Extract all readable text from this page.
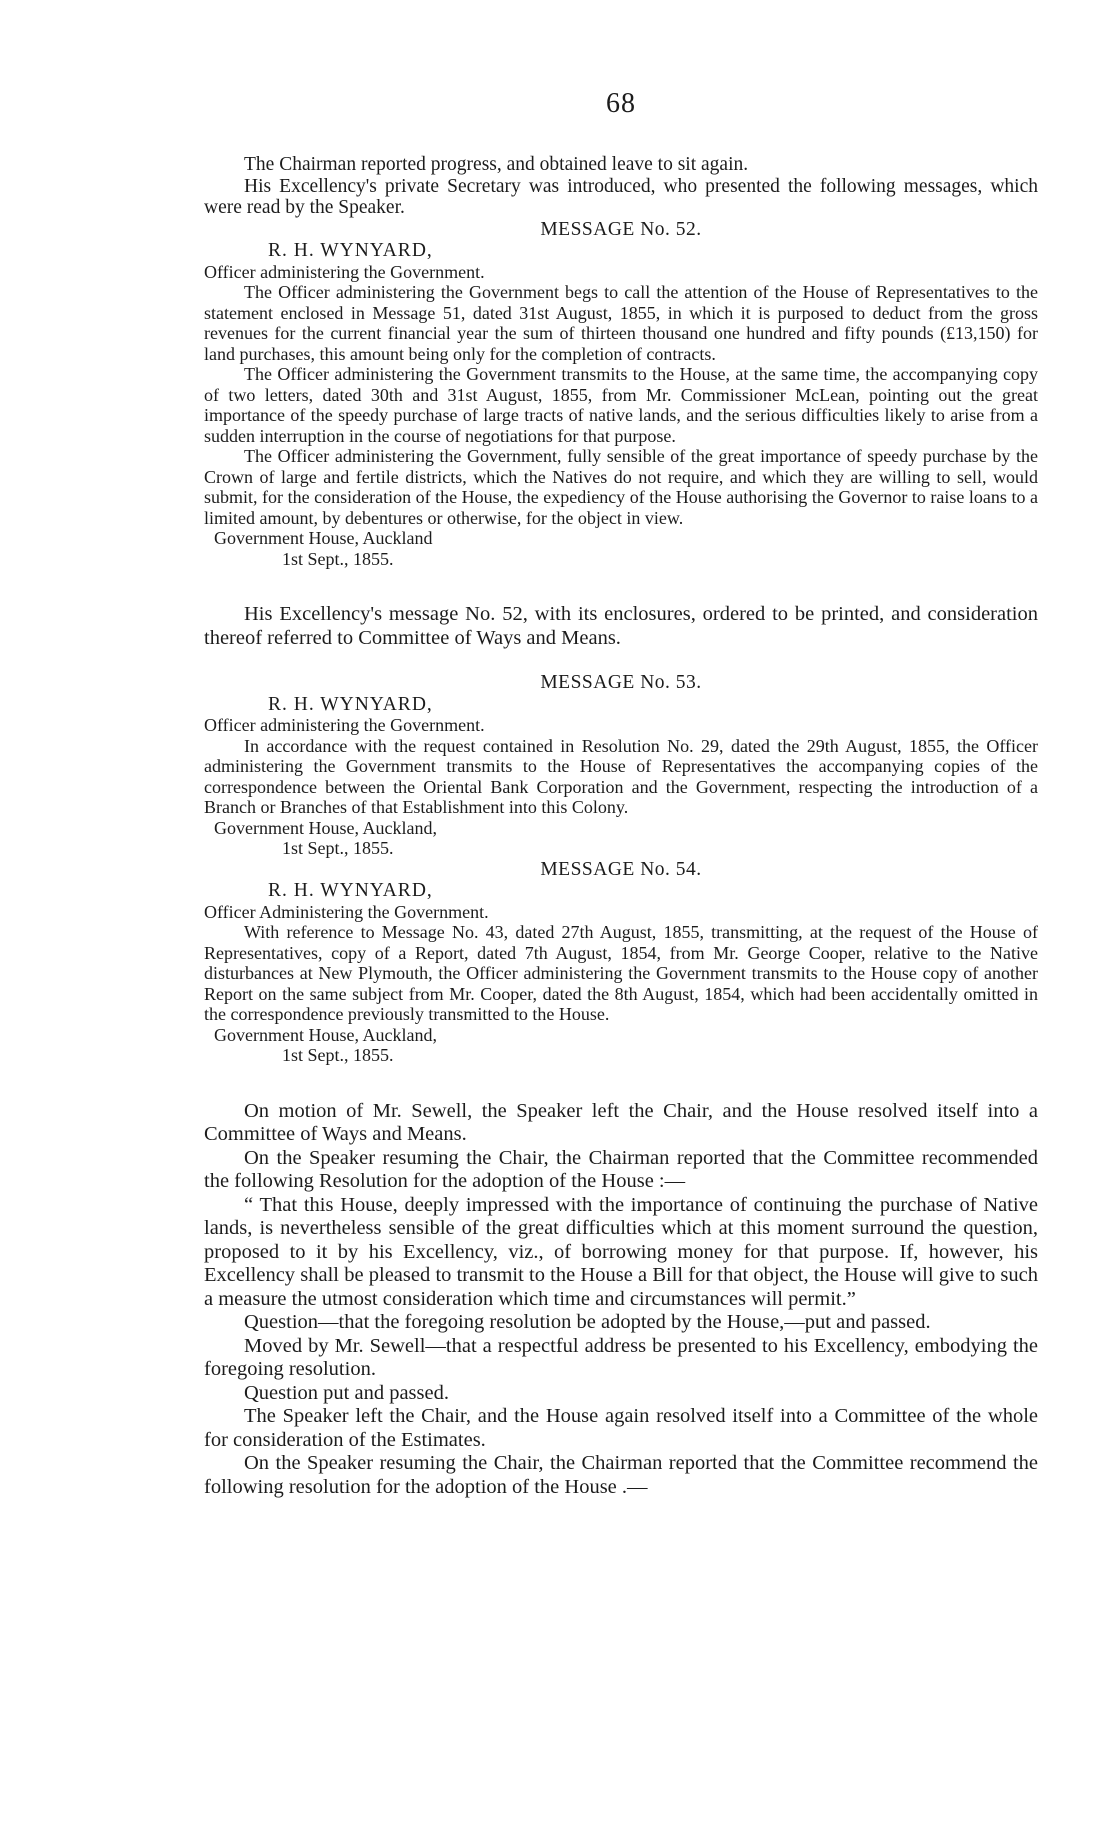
68

The Chairman reported progress, and obtained leave to sit again.

His Excellency's private Secretary was introduced, who presented the following messages, which were read by the Speaker.

MESSAGE No. 52.

R. H. WYNYARD,

Officer administering the Government.

The Officer administering the Government begs to call the attention of the House of Representatives to the statement enclosed in Message 51, dated 31st August, 1855, in which it is purposed to deduct from the gross revenues for the current financial year the sum of thirteen thousand one hundred and fifty pounds (£13,150) for land purchases, this amount being only for the completion of contracts.

The Officer administering the Government transmits to the House, at the same time, the accompanying copy of two letters, dated 30th and 31st August, 1855, from Mr. Commissioner McLean, pointing out the great importance of the speedy purchase of large tracts of native lands, and the serious difficulties likely to arise from a sudden interruption in the course of negotiations for that purpose.

The Officer administering the Government, fully sensible of the great importance of speedy purchase by the Crown of large and fertile districts, which the Natives do not require, and which they are willing to sell, would submit, for the consideration of the House, the expediency of the House authorising the Governor to raise loans to a limited amount, by debentures or otherwise, for the object in view.

Government House, Auckland

1st Sept., 1855.

His Excellency's message No. 52, with its enclosures, ordered to be printed, and consideration thereof referred to Committee of Ways and Means.

MESSAGE No. 53.

R. H. WYNYARD,

Officer administering the Government.

In accordance with the request contained in Resolution No. 29, dated the 29th August, 1855, the Officer administering the Government transmits to the House of Representatives the accompanying copies of the correspondence between the Oriental Bank Corporation and the Government, respecting the introduction of a Branch or Branches of that Establishment into this Colony.

Government House, Auckland,

1st Sept., 1855.

MESSAGE No. 54.

R. H. WYNYARD,

Officer Administering the Government.

With reference to Message No. 43, dated 27th August, 1855, transmitting, at the request of the House of Representatives, copy of a Report, dated 7th August, 1854, from Mr. George Cooper, relative to the Native disturbances at New Plymouth, the Officer administering the Government transmits to the House copy of another Report on the same subject from Mr. Cooper, dated the 8th August, 1854, which had been accidentally omitted in the correspondence previously transmitted to the House.

Government House, Auckland,

1st Sept., 1855.

On motion of Mr. Sewell, the Speaker left the Chair, and the House resolved itself into a Committee of Ways and Means.

On the Speaker resuming the Chair, the Chairman reported that the Committee recommended the following Resolution for the adoption of the House :—

“ That this House, deeply impressed with the importance of continuing the purchase of Native lands, is nevertheless sensible of the great difficulties which at this moment surround the question, proposed to it by his Excellency, viz., of borrowing money for that purpose. If, however, his Excellency shall be pleased to transmit to the House a Bill for that object, the House will give to such a measure the utmost consideration which time and circumstances will permit.”

Question—that the foregoing resolution be adopted by the House,—put and passed.

Moved by Mr. Sewell—that a respectful address be presented to his Excellency, embodying the foregoing resolution.

Question put and passed.

The Speaker left the Chair, and the House again resolved itself into a Committee of the whole for consideration of the Estimates.

On the Speaker resuming the Chair, the Chairman reported that the Committee recommend the following resolution for the adoption of the House .—
